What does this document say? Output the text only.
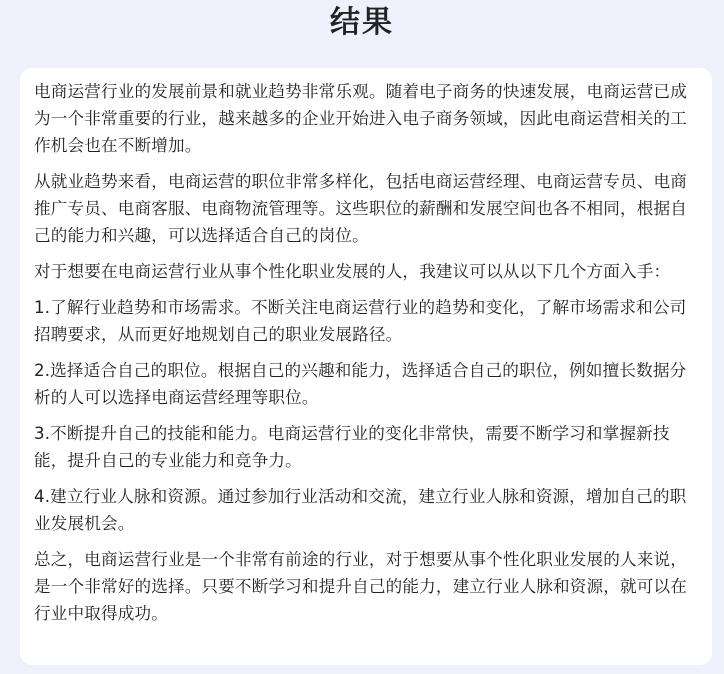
结果

电商运营行业的发展前景和就业趋势非常乐观。随着电子商务的快速发展，电商运营已成为一个非常重要的行业，越来越多的企业开始进入电子商务领域，因此电商运营相关的工作机会也在不断增加。

从就业趋势来看，电商运营的职位非常多样化，包括电商运营经理、电商运营专员、电商推广专员、电商客服、电商物流管理等。这些职位的薪酬和发展空间也各不相同，根据自己的能力和兴趣，可以选择适合自己的岗位。

对于想要在电商运营行业从事个性化职业发展的人，我建议可以从以下几个方面入手：

1.了解行业趋势和市场需求。不断关注电商运营行业的趋势和变化，了解市场需求和公司招聘要求，从而更好地规划自己的职业发展路径。

2.选择适合自己的职位。根据自己的兴趣和能力，选择适合自己的职位，例如擅长数据分析的人可以选择电商运营经理等职位。

3.不断提升自己的技能和能力。电商运营行业的变化非常快，需要不断学习和掌握新技能，提升自己的专业能力和竞争力。

4.建立行业人脉和资源。通过参加行业活动和交流，建立行业人脉和资源，增加自己的职业发展机会。

总之，电商运营行业是一个非常有前途的行业，对于想要从事个性化职业发展的人来说，是一个非常好的选择。只要不断学习和提升自己的能力，建立行业人脉和资源，就可以在行业中取得成功。
